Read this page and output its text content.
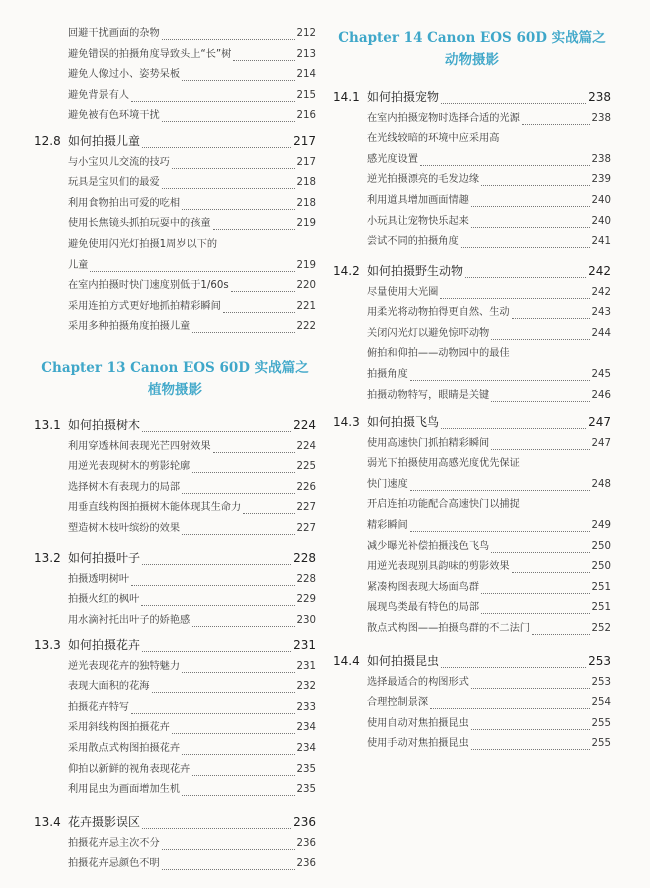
回避干扰画面的杂物	212
避免错误的拍摄角度导致头上“长”树	213
避免人像过小、姿势呆板	214
避免背景有人	215
避免被有色环境干扰	216
12.8 如何拍摄儿童	217
与小宝贝儿交流的技巧	217
玩具是宝贝们的最爱	218
利用食物拍出可爱的吃相	218
使用长焦镜头抓拍玩耍中的孩童	219
避免使用闪光灯拍摄1周岁以下的
儿童	219
在室内拍摄时快门速度别低于1/60s	220
采用连拍方式更好地抓拍精彩瞬间	221
采用多种拍摄角度拍摄儿童	222
Chapter 13 Canon EOS 60D 实战篇之
植物摄影
13.1 如何拍摄树木	224
利用穿透林间表现光芒四射效果	224
用逆光表现树木的剪影轮廓	225
选择树木有表现力的局部	226
用垂直线构图拍摄树木能体现其生命力	227
塑造树木枝叶缤纷的效果	227
13.2 如何拍摄叶子	228
拍摄透明树叶	228
拍摄火红的枫叶	229
用水滴衬托出叶子的娇艳感	230
13.3 如何拍摄花卉	231
逆光表现花卉的独特魅力	231
表现大面积的花海	232
拍摄花卉特写	233
采用斜线构图拍摄花卉	234
采用散点式构图拍摄花卉	234
仰拍以新鲜的视角表现花卉	235
利用昆虫为画面增加生机	235
13.4 花卉摄影误区	236
拍摄花卉忌主次不分	236
拍摄花卉忌颜色不明	236
Chapter 14 Canon EOS 60D 实战篇之
动物摄影
14.1 如何拍摄宠物	238
在室内拍摄宠物时选择合适的光源	238
在光线较暗的环境中应采用高
感光度设置	238
逆光拍摄漂亮的毛发边缘	239
利用道具增加画面情趣	240
小玩具让宠物快乐起来	240
尝试不同的拍摄角度	241
14.2 如何拍摄野生动物	242
尽量使用大光圈	242
用柔光将动物拍得更自然、生动	243
关闭闪光灯以避免惊吓动物	244
俯拍和仰拍——动物园中的最佳
拍摄角度	245
拍摄动物特写，眼睛是关键	246
14.3 如何拍摄飞鸟	247
使用高速快门抓拍精彩瞬间	247
弱光下拍摄使用高感光度优先保证
快门速度	248
开启连拍功能配合高速快门以捕捉
精彩瞬间	249
减少曝光补偿拍摄浅色飞鸟	250
用逆光表现别具韵味的剪影效果	250
紧凑构图表现大场面鸟群	251
展现鸟类最有特色的局部	251
散点式构图——拍摄鸟群的不二法门	252
14.4 如何拍摄昆虫	253
选择最适合的构图形式	253
合理控制景深	254
使用自动对焦拍摄昆虫	255
使用手动对焦拍摄昆虫	255
